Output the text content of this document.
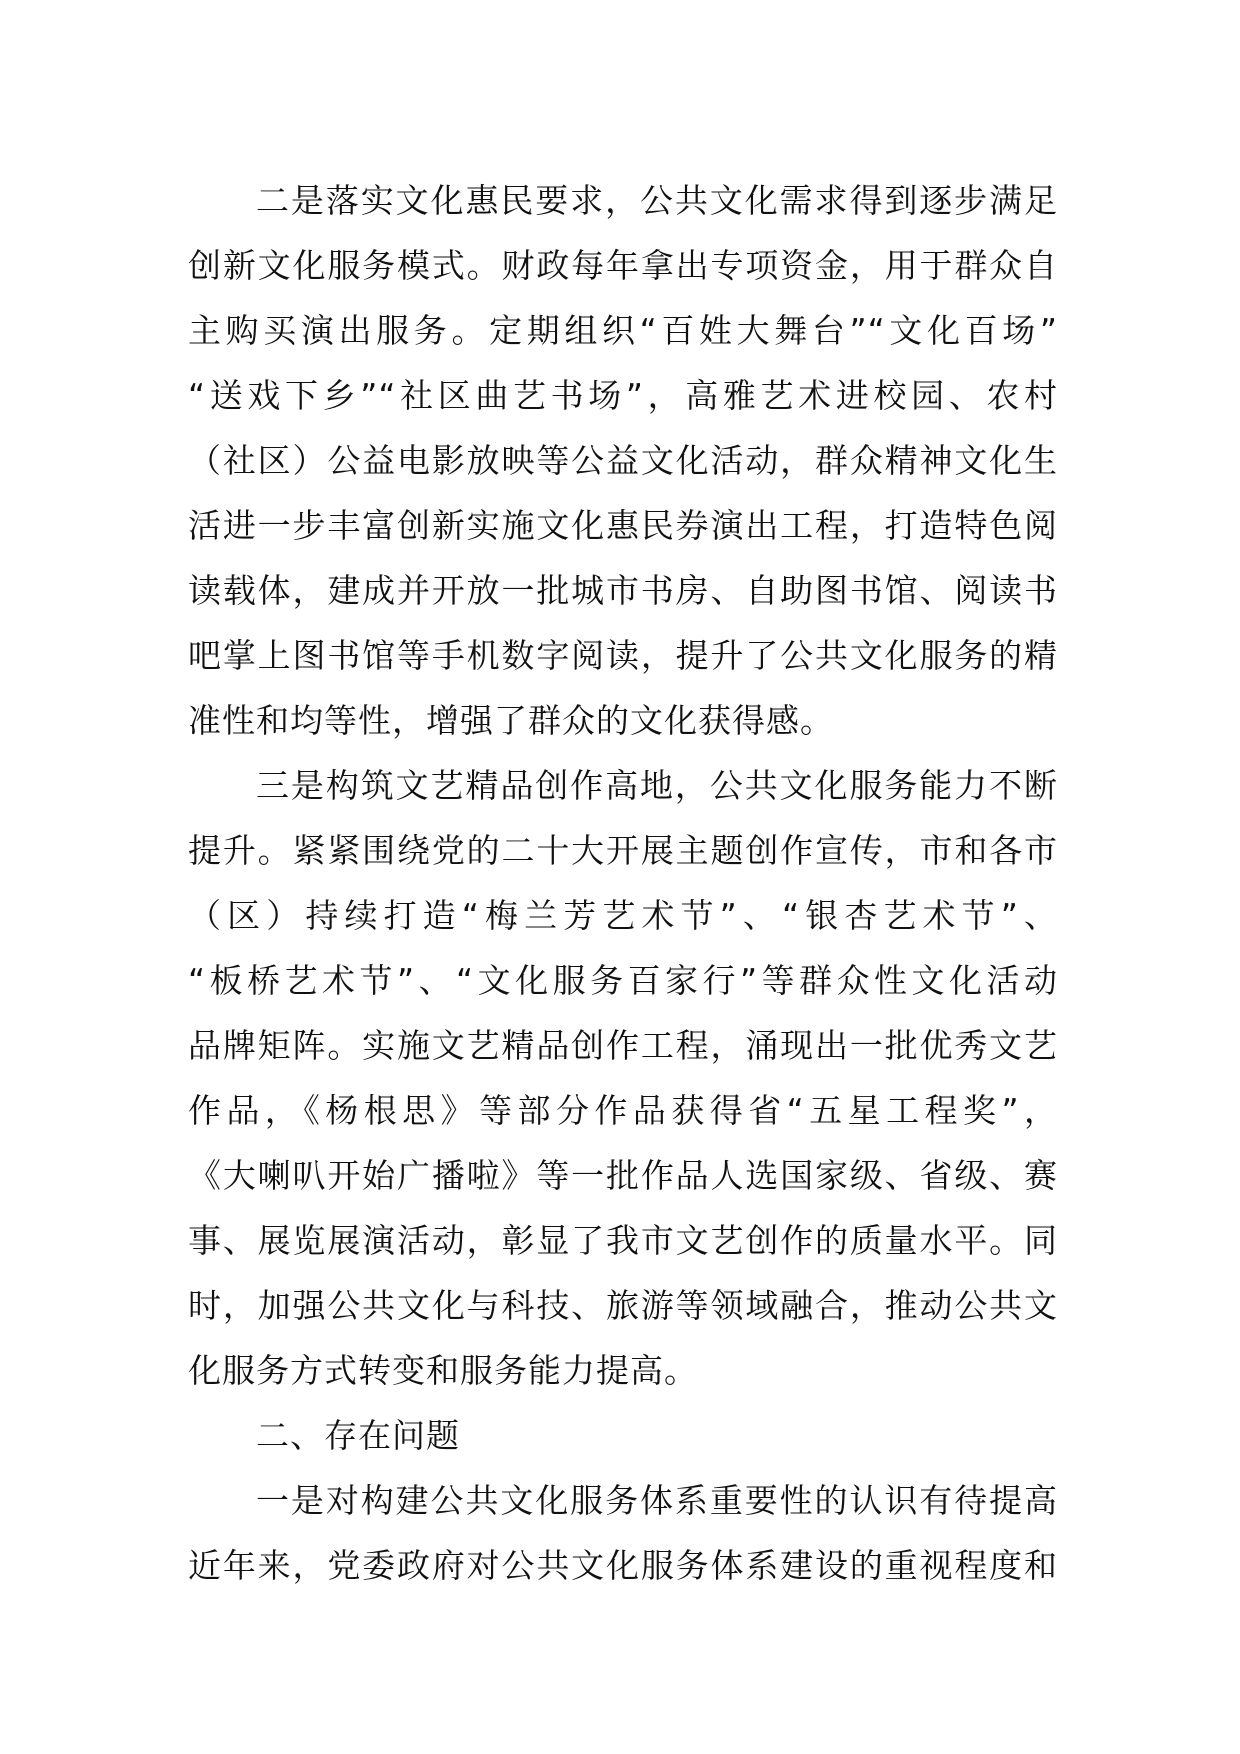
二是落实文化惠民要求，公共文化需求得到逐步满足
创新文化服务模式。财政每年拿出专项资金，用于群众自
主购买演出服务。定期组织“百姓大舞台”“文化百场”
“送戏下乡”“社区曲艺书场”，高雅艺术进校园、农村
（社区）公益电影放映等公益文化活动，群众精神文化生
活进一步丰富创新实施文化惠民券演出工程，打造特色阅
读载体，建成并开放一批城市书房、自助图书馆、阅读书
吧掌上图书馆等手机数字阅读，提升了公共文化服务的精
准性和均等性，增强了群众的文化获得感。
三是构筑文艺精品创作高地，公共文化服务能力不断
提升。紧紧围绕党的二十大开展主题创作宣传，市和各市
（区）持续打造“梅兰芳艺术节”、“银杏艺术节”、
“板桥艺术节”、“文化服务百家行”等群众性文化活动
品牌矩阵。实施文艺精品创作工程，涌现出一批优秀文艺
作品，《杨根思》等部分作品获得省“五星工程奖”，
《大喇叭开始广播啦》等一批作品人选国家级、省级、赛
事、展览展演活动，彰显了我市文艺创作的质量水平。同
时，加强公共文化与科技、旅游等领域融合，推动公共文
化服务方式转变和服务能力提高。
二、存在问题
一是对构建公共文化服务体系重要性的认识有待提高
近年来，党委政府对公共文化服务体系建设的重视程度和
